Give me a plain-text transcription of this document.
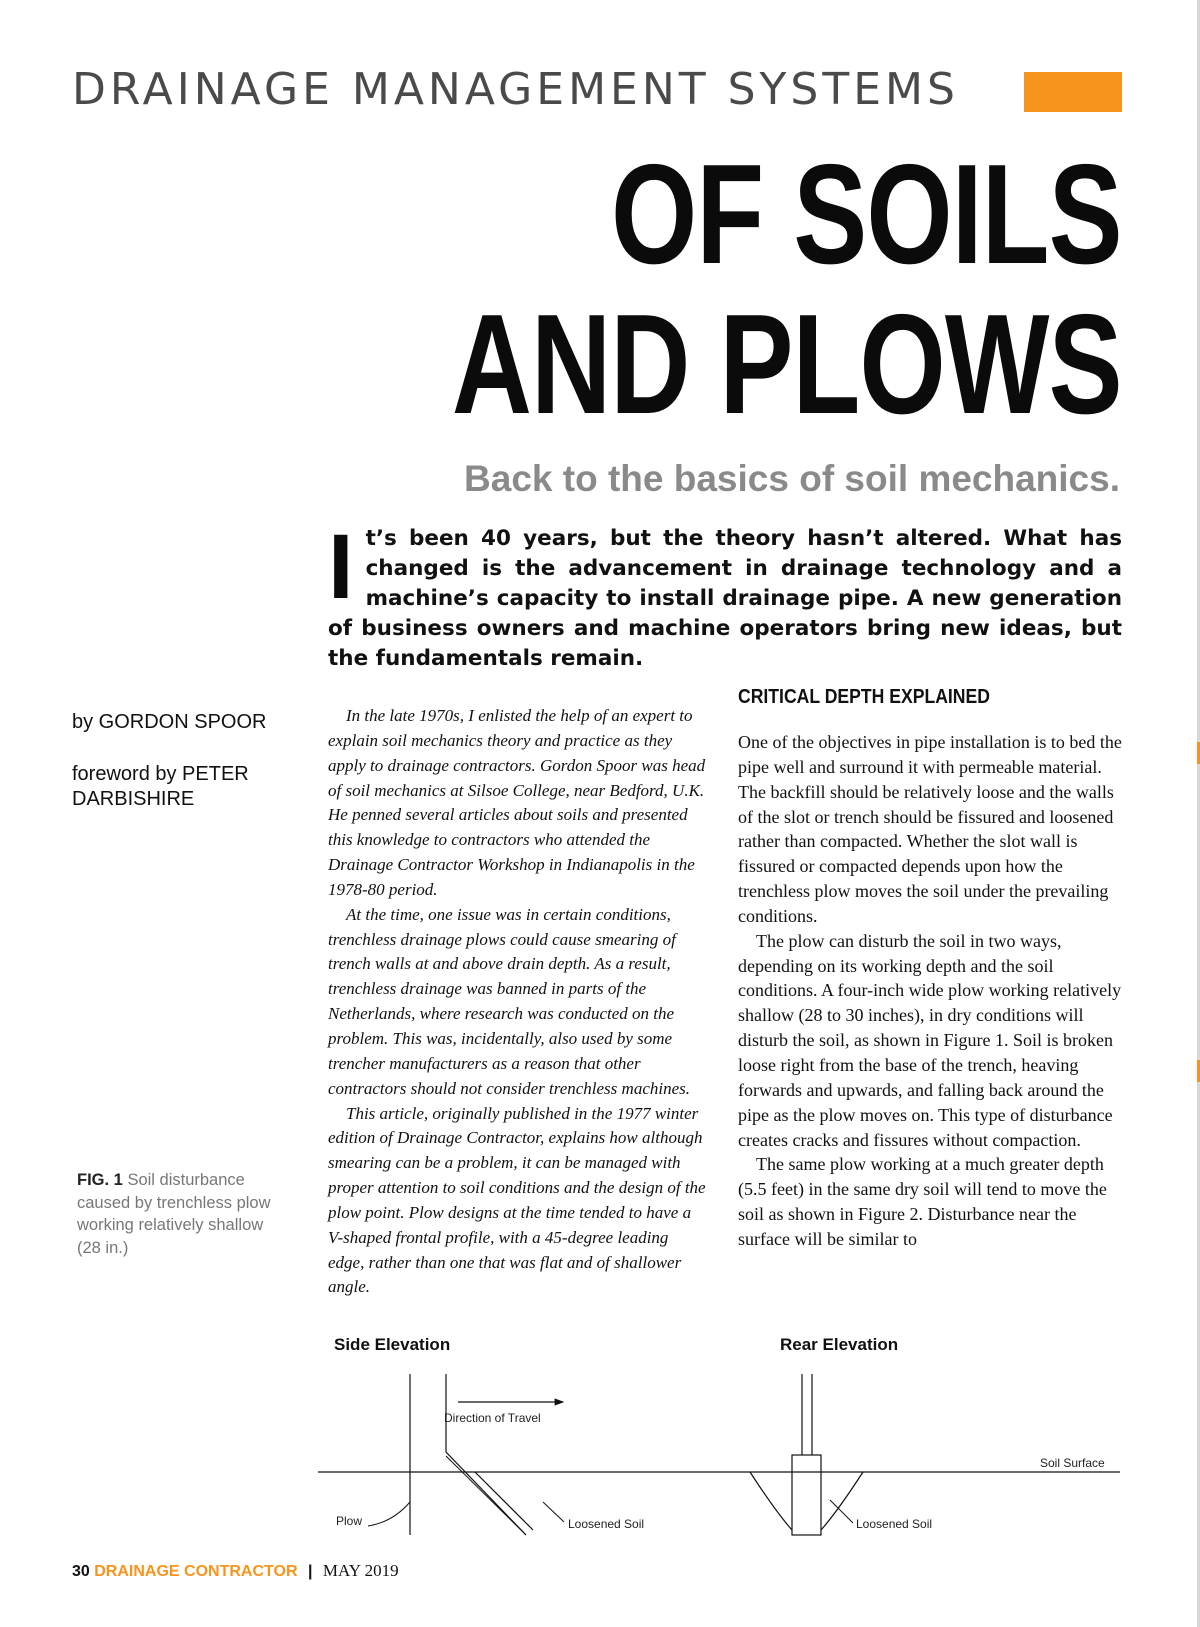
DRAINAGE MANAGEMENT SYSTEMS
OF SOILS
AND PLOWS
Back to the basics of soil mechanics.
It’s been 40 years, but the theory hasn’t altered. What has changed is the advancement in drainage technology and a machine’s capacity to install drainage pipe. A new generation of business owners and machine operators bring new ideas, but the fundamentals remain.
by GORDON SPOOR
foreword by PETER DARBISHIRE
FIG. 1 Soil disturbance caused by trenchless plow working relatively shallow (28 in.)

In the late 1970s, I enlisted the help of an expert to explain soil mechanics theory and practice as they apply to drainage contractors. Gordon Spoor was head of soil mechanics at Silsoe College, near Bedford, U.K. He penned several articles about soils and presented this knowledge to contractors who attended the Drainage Contractor Workshop in Indianapolis in the 1978-80 period.

At the time, one issue was in certain conditions, trenchless drainage plows could cause smearing of trench walls at and above drain depth. As a result, trenchless drainage was banned in parts of the Netherlands, where research was conducted on the problem. This was, incidentally, also used by some trencher manufacturers as a reason that other contractors should not consider trenchless machines.

This article, originally published in the 1977 winter edition of Drainage Contractor, explains how although smearing can be a problem, it can be managed with proper attention to soil conditions and the design of the plow point. Plow designs at the time tended to have a V-shaped frontal profile, with a 45-degree leading edge, rather than one that was flat and of shallower angle.

CRITICAL DEPTH EXPLAINED

One of the objectives in pipe installation is to bed the pipe well and surround it with permeable material. The backfill should be relatively loose and the walls of the slot or trench should be fissured and loosened rather than compacted. Whether the slot wall is fissured or compacted depends upon how the trenchless plow moves the soil under the prevailing conditions.

The plow can disturb the soil in two ways, depending on its working depth and the soil conditions. A four-inch wide plow working relatively shallow (28 to 30 inches), in dry conditions will disturb the soil, as shown in Figure 1. Soil is broken loose right from the base of the trench, heaving forwards and upwards, and falling back around the pipe as the plow moves on. This type of disturbance creates cracks and fissures without compaction.

The same plow working at a much greater depth (5.5 feet) in the same dry soil will tend to move the soil as shown in Figure 2. Disturbance near the surface will be similar to

Side Elevation	Rear Elevation
Direction of Travel
Soil Surface
Plow	Loosened Soil	Loosened Soil
30 DRAINAGE CONTRACTOR | MAY 2019
